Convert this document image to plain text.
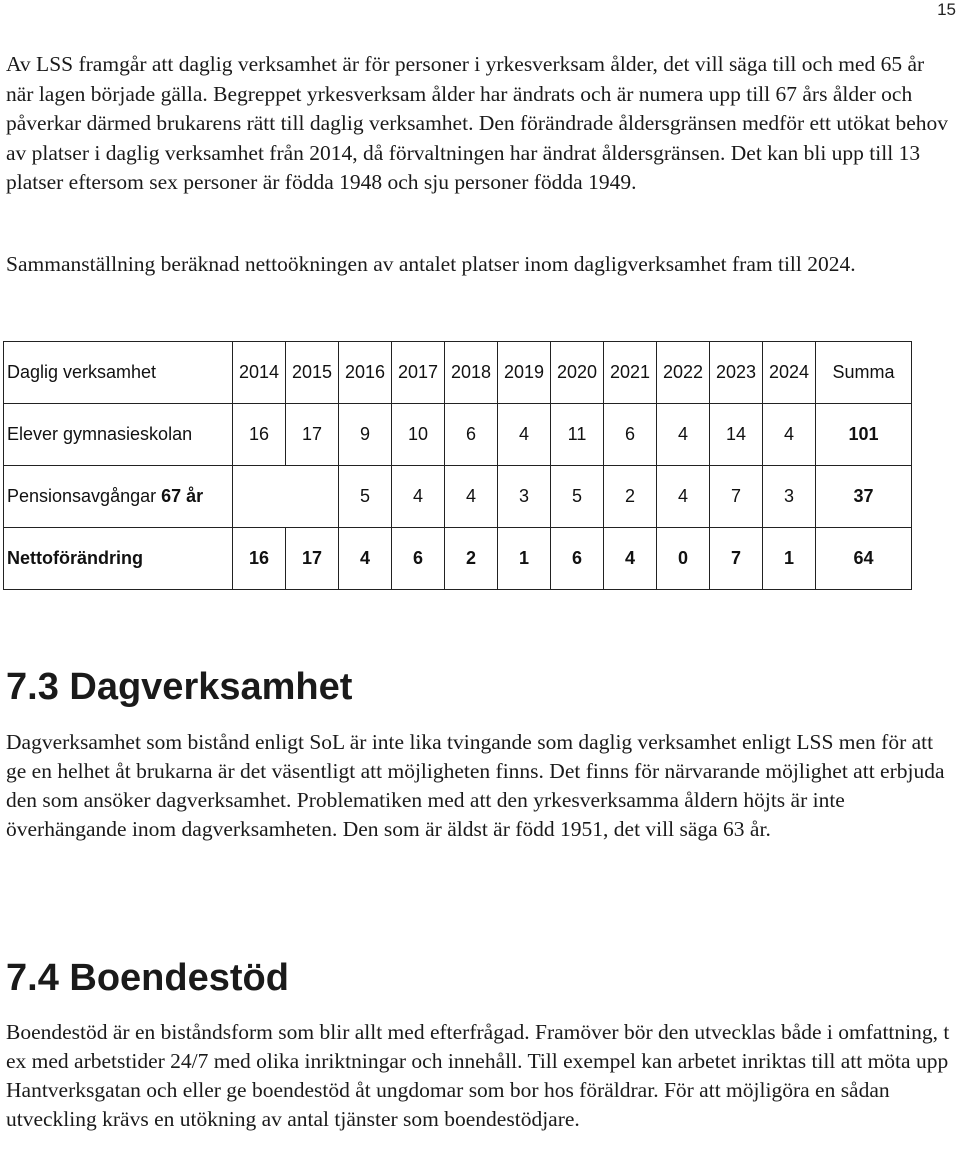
15

Av LSS framgår att daglig verksamhet är för personer i yrkesverksam ålder, det vill säga till och med 65 år när lagen började gälla. Begreppet yrkesverksam ålder har ändrats och är numera upp till 67 års ålder och påverkar därmed brukarens rätt till daglig verksamhet. Den förändrade åldersgränsen medför ett utökat behov av platser i daglig verksamhet från 2014, då förvaltningen har ändrat åldersgränsen. Det kan bli upp till 13 platser eftersom sex personer är födda 1948 och sju personer födda 1949.

Sammanställning beräknad nettoökningen av antalet platser inom dagligverksamhet fram till 2024.

Daglig verksamhet	2014	2015	2016	2017	2018	2019	2020	2021	2022	2023	2024	Summa
Elever gymnasieskolan	16	17	9	10	6	4	11	6	4	14	4	101
Pensionsavgångar 67 år			5	4	4	3	5	2	4	7	3	37
Nettoförändring	16	17	4	6	2	1	6	4	0	7	1	64
7.3 Dagverksamhet

Dagverksamhet som bistånd enligt SoL är inte lika tvingande som daglig verksamhet enligt LSS men för att ge en helhet åt brukarna är det väsentligt att möjligheten finns. Det finns för närvarande möjlighet att erbjuda den som ansöker dagverksamhet. Problematiken med att den yrkesverksamma åldern höjts är inte överhängande inom dagverksamheten. Den som är äldst är född 1951, det vill säga 63 år.

7.4 Boendestöd

Boendestöd är en biståndsform som blir allt med efterfrågad. Framöver bör den utvecklas både i omfattning, t ex med arbetstider 24/7 med olika inriktningar och innehåll. Till exempel kan arbetet inriktas till att möta upp Hantverksgatan och eller ge boendestöd åt ungdomar som bor hos föräldrar. För att möjligöra en sådan utveckling krävs en utökning av antal tjänster som boendestödjare.
